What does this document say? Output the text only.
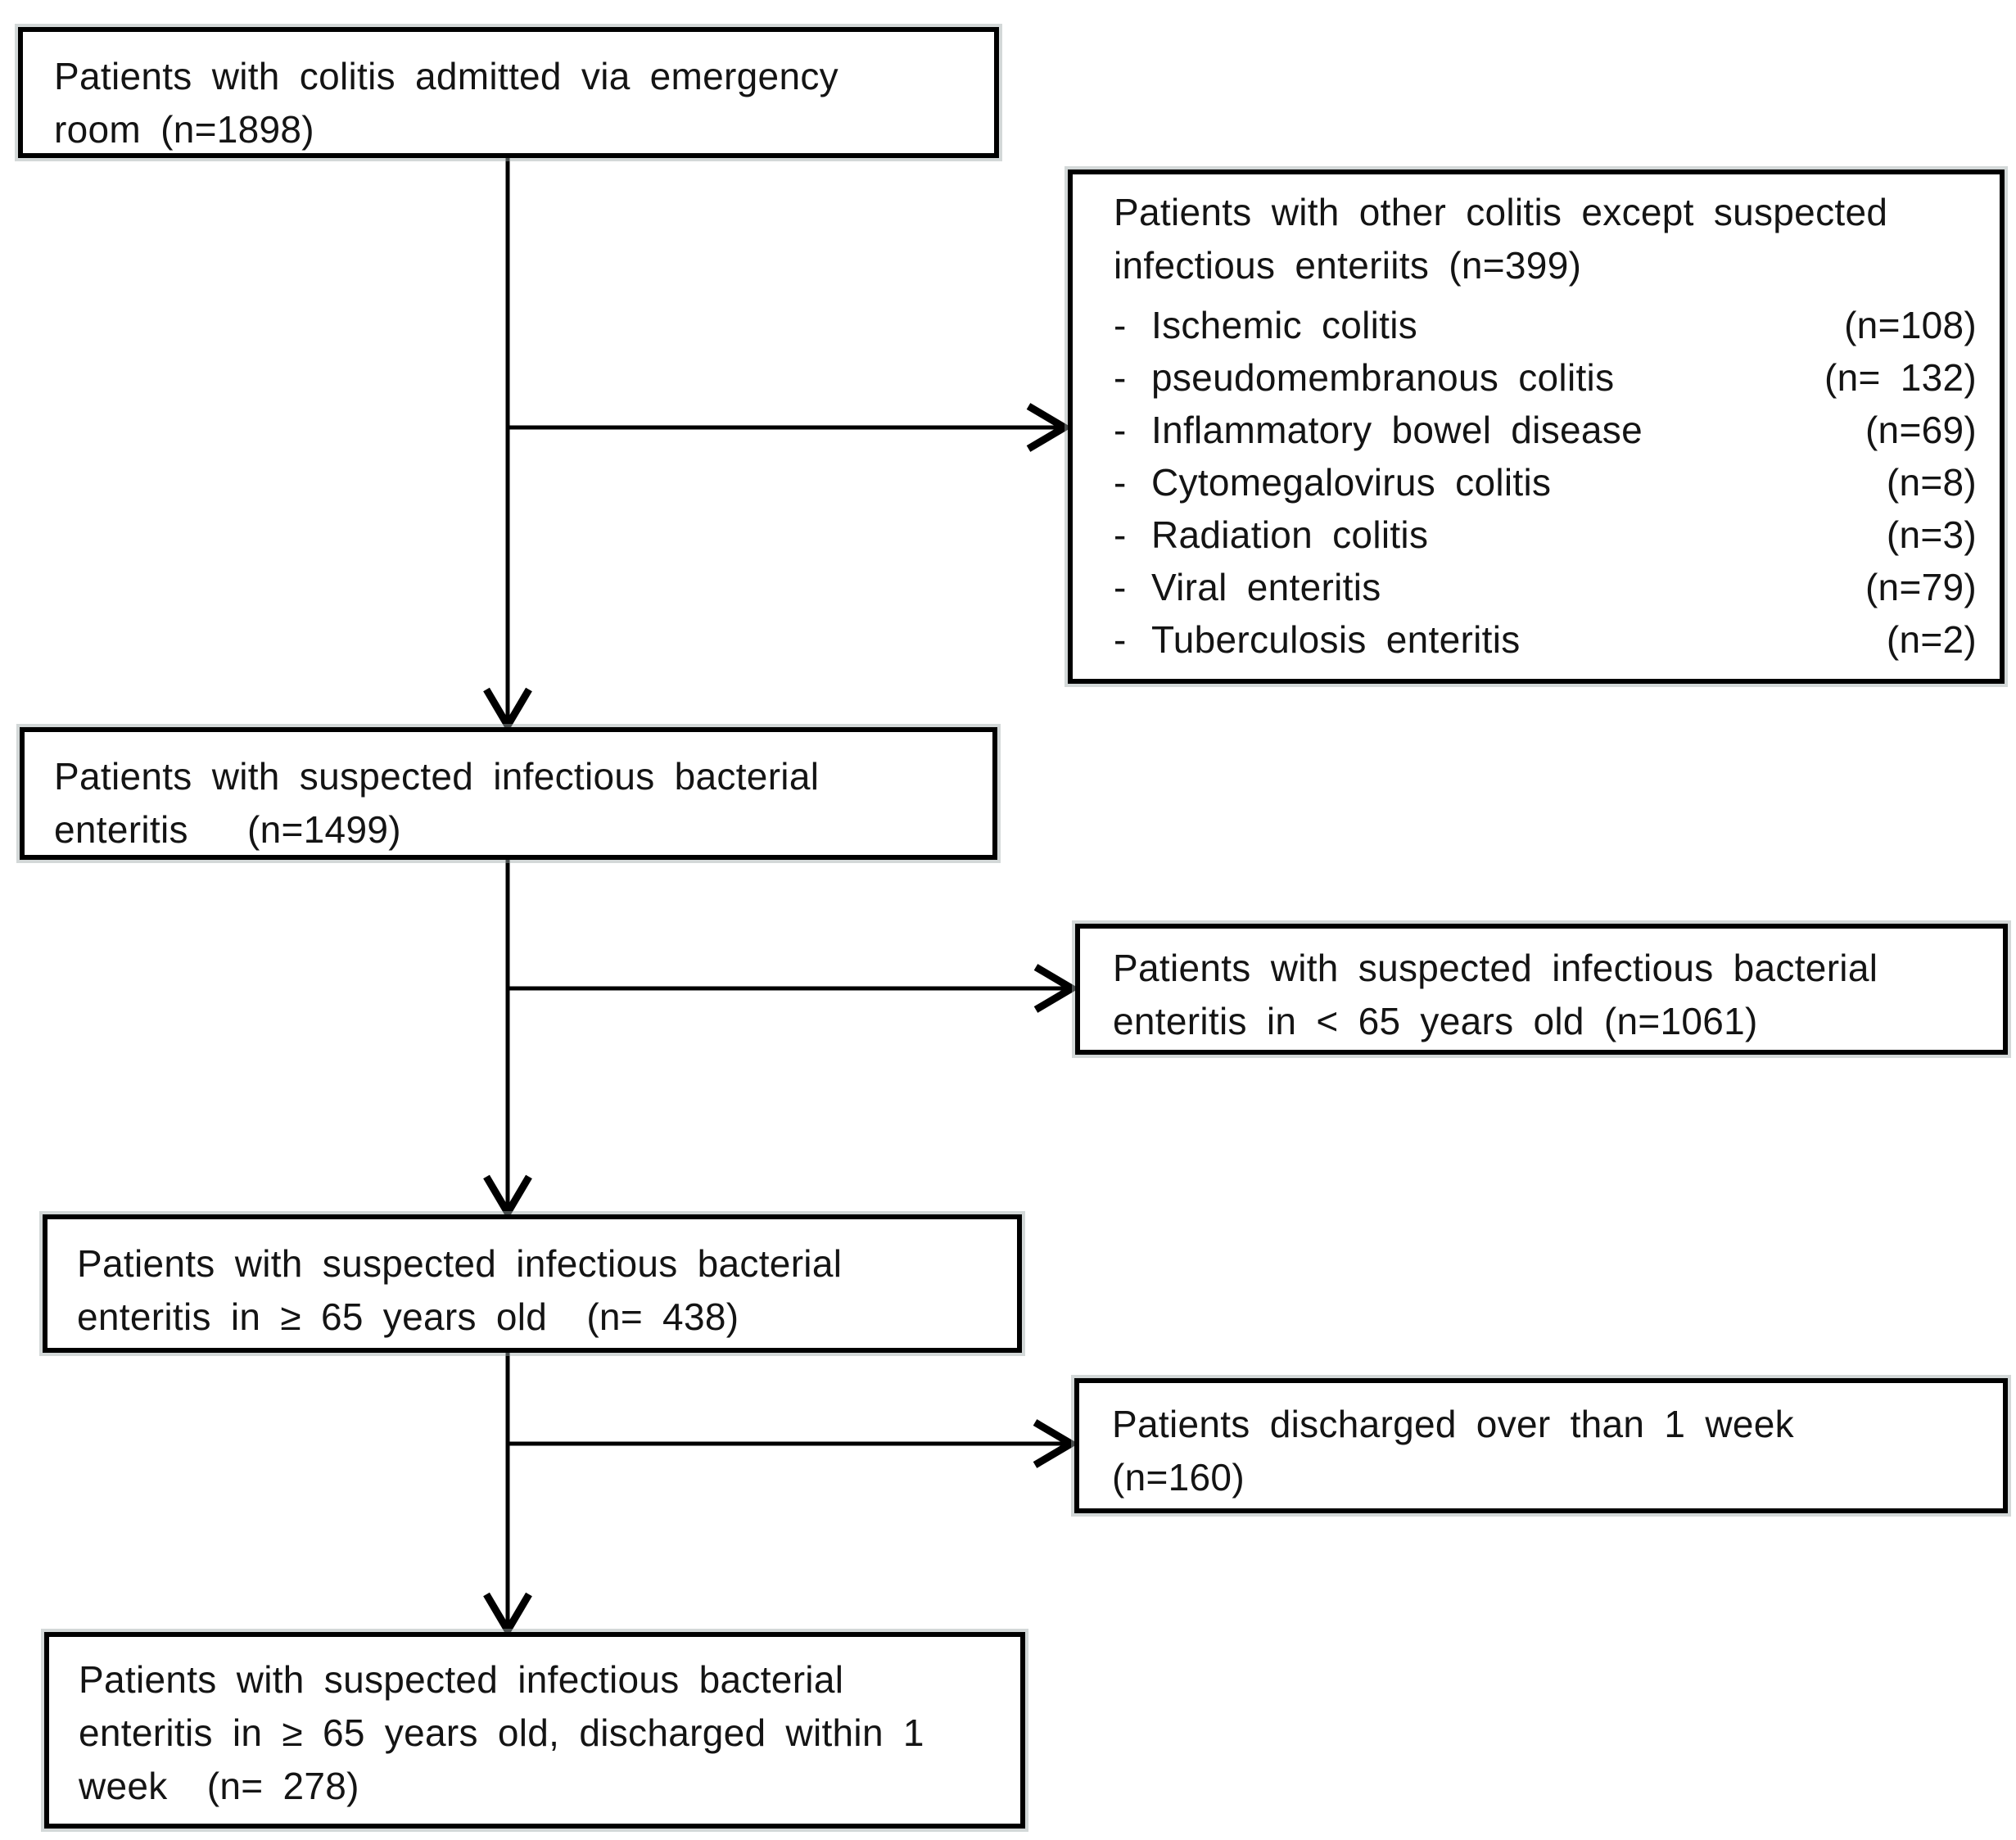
Patients with colitis admitted via emergency
room (n=1898)
Patients with other colitis except suspected
infectious enteriits (n=399)
- Ischemic colitis	(n=108)
- pseudomembranous colitis	(n= 132)
- Inflammatory bowel disease	(n=69)
- Cytomegalovirus colitis	(n=8)
- Radiation colitis	(n=3)
- Viral enteritis	(n=79)
- Tuberculosis enteritis	(n=2)
Patients with suspected infectious bacterial
enteritis   (n=1499)
Patients with suspected infectious bacterial
enteritis in < 65 years old (n=1061)
Patients with suspected infectious bacterial
enteritis in ≥ 65 years old  (n= 438)
Patients discharged over than 1 week
(n=160)
Patients with suspected infectious bacterial
enteritis in ≥ 65 years old, discharged within 1
week  (n= 278)
